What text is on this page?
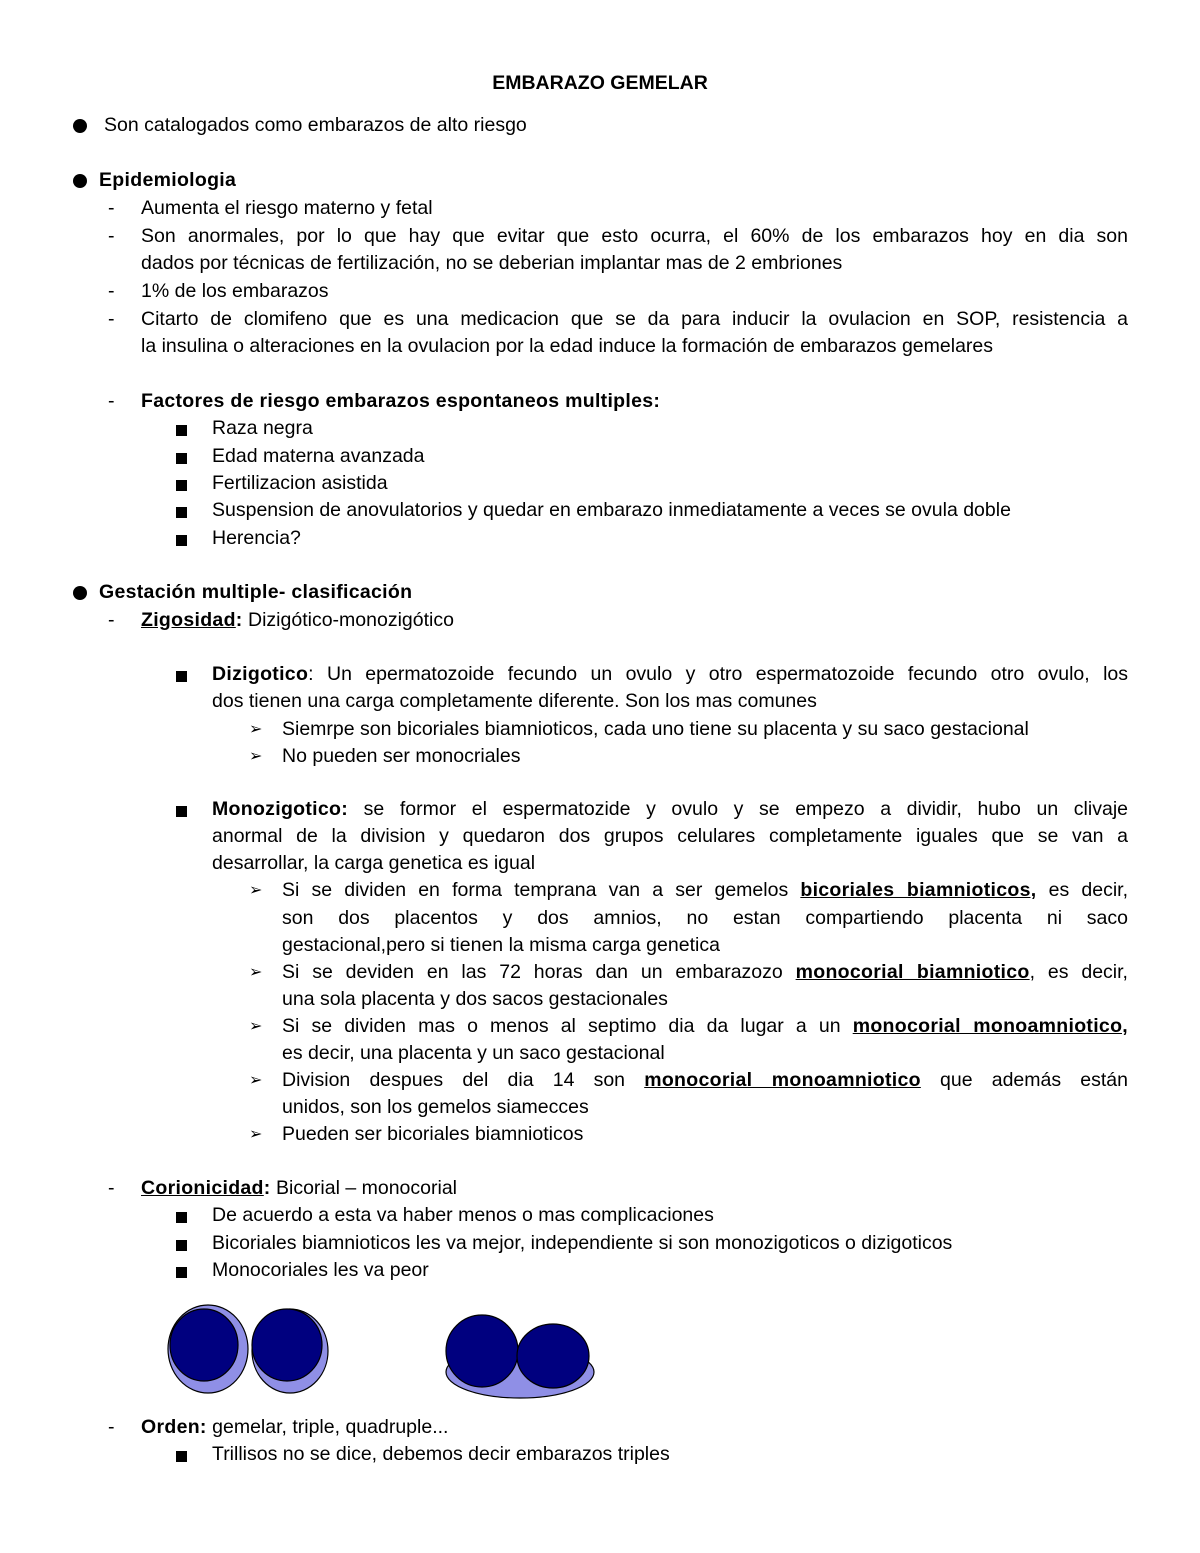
EMBARAZO GEMELAR
Son catalogados como embarazos de alto riesgo
Epidemiologia
- Aumenta el riesgo materno y fetal
- Son anormales, por lo que hay que evitar que esto ocurra, el 60% de los embarazos hoy en dia son
dados por técnicas de fertilización, no se deberian implantar mas de 2 embriones
- 1% de los embarazos
- Citarto de clomifeno que es una medicacion que se da para inducir la ovulacion en SOP, resistencia a
la insulina o alteraciones en la ovulacion por la edad induce la formación de embarazos gemelares
- Factores de riesgo embarazos espontaneos multiples:
Raza negra
Edad materna avanzada
Fertilizacion asistida
Suspension de anovulatorios y quedar en embarazo inmediatamente a veces se ovula doble
Herencia?
Gestación multiple- clasificación
- Zigosidad: Dizigótico-monozigótico
Dizigotico: Un epermatozoide fecundo un ovulo y otro espermatozoide fecundo otro ovulo, los
dos tienen una carga completamente diferente. Son los mas comunes
➢ Siemrpe son bicoriales biamnioticos, cada uno tiene su placenta y su saco gestacional
➢ No pueden ser monocriales
Monozigotico: se formor el espermatozide y ovulo y se empezo a dividir, hubo un clivaje
anormal de la division y quedaron dos grupos celulares completamente iguales que se van a
desarrollar, la carga genetica es igual
➢ Si se dividen en forma temprana van a ser gemelos bicoriales biamnioticos, es decir,
son dos placentos y dos amnios, no estan compartiendo placenta ni saco
gestacional,pero si tienen la misma carga genetica
➢ Si se deviden en las 72 horas dan un embarazozo monocorial biamniotico, es decir,
una sola placenta y dos sacos gestacionales
➢ Si se dividen mas o menos al septimo dia da lugar a un monocorial monoamniotico,
es decir, una placenta y un saco gestacional
➢ Division despues del dia 14 son monocorial monoamniotico que además están
unidos, son los gemelos siamecces
➢ Pueden ser bicoriales biamnioticos
- Corionicidad: Bicorial – monocorial
De acuerdo a esta va haber menos o mas complicaciones
Bicoriales biamnioticos les va mejor, independiente si son monozigoticos o dizigoticos
Monocoriales les va peor
- Orden: gemelar, triple, quadruple...
Trillisos no se dice, debemos decir embarazos triples
